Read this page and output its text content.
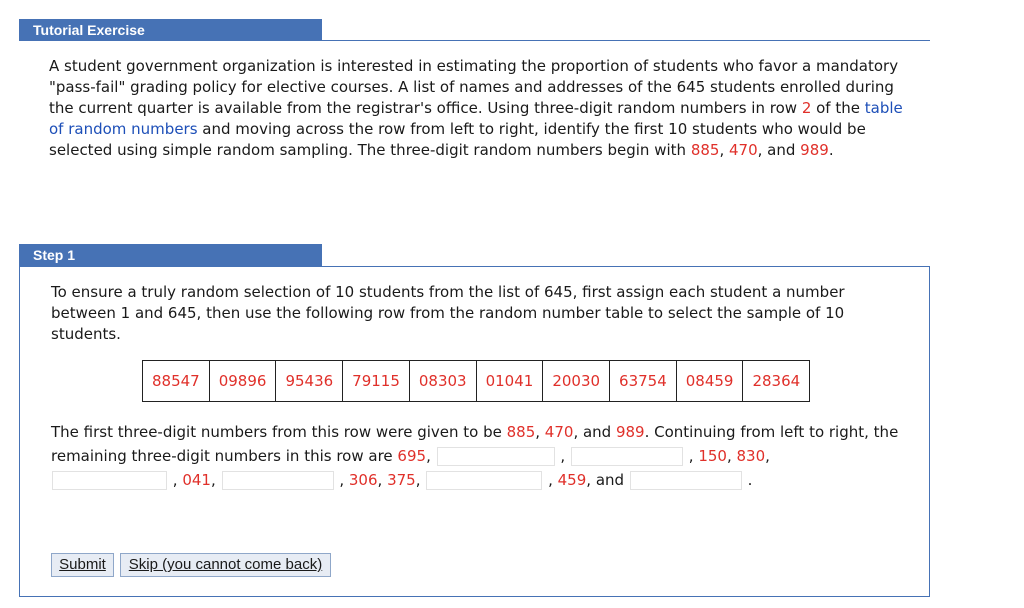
Tutorial Exercise

A student government organization is interested in estimating the proportion of students who favor a mandatory "pass-fail" grading policy for elective courses. A list of names and addresses of the 645 students enrolled during the current quarter is available from the registrar's office. Using three-digit random numbers in row 2 of the table of random numbers and moving across the row from left to right, identify the first 10 students who would be selected using simple random sampling. The three-digit random numbers begin with 885, 470, and 989.

Step 1

To ensure a truly random selection of 10 students from the list of 645, first assign each student a number between 1 and 645, then use the following row from the random number table to select the sample of 10 students.

88547	09896	95436	79115	08303	01041	20030	63754	08459	28364

The first three-digit numbers from this row were given to be 885, 470, and 989. Continuing from left to right, the remaining three-digit numbers in this row are 695,	,	, 150, 830,
, 041,	, 306, 375,	, 459, and	.

Submit	Skip (you cannot come back)
